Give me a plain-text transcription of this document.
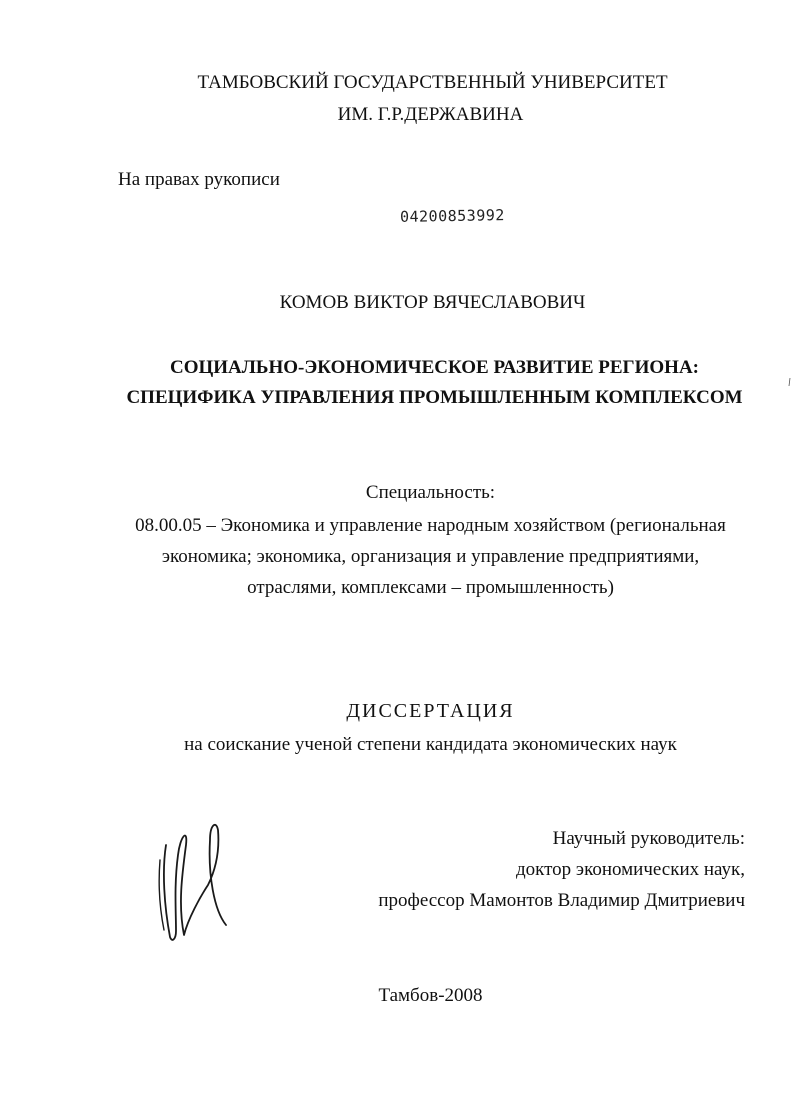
ТАМБОВСКИЙ ГОСУДАРСТВЕННЫЙ УНИВЕРСИТЕТ
ИМ. Г.Р.ДЕРЖАВИНА
На правах рукописи
04200853992
КОМОВ ВИКТОР ВЯЧЕСЛАВОВИЧ
СОЦИАЛЬНО-ЭКОНОМИЧЕСКОЕ РАЗВИТИЕ РЕГИОНА:
СПЕЦИФИКА УПРАВЛЕНИЯ ПРОМЫШЛЕННЫМ КОМПЛЕКСОМ
Специальность:
08.00.05 – Экономика и управление народным хозяйством (региональная
экономика; экономика, организация и управление предприятиями,
отраслями, комплексами – промышленность)
ДИССЕРТАЦИЯ
на соискание ученой степени кандидата экономических наук
Научный руководитель:
доктор экономических наук,
профессор Мамонтов Владимир Дмитриевич
Тамбов-2008
